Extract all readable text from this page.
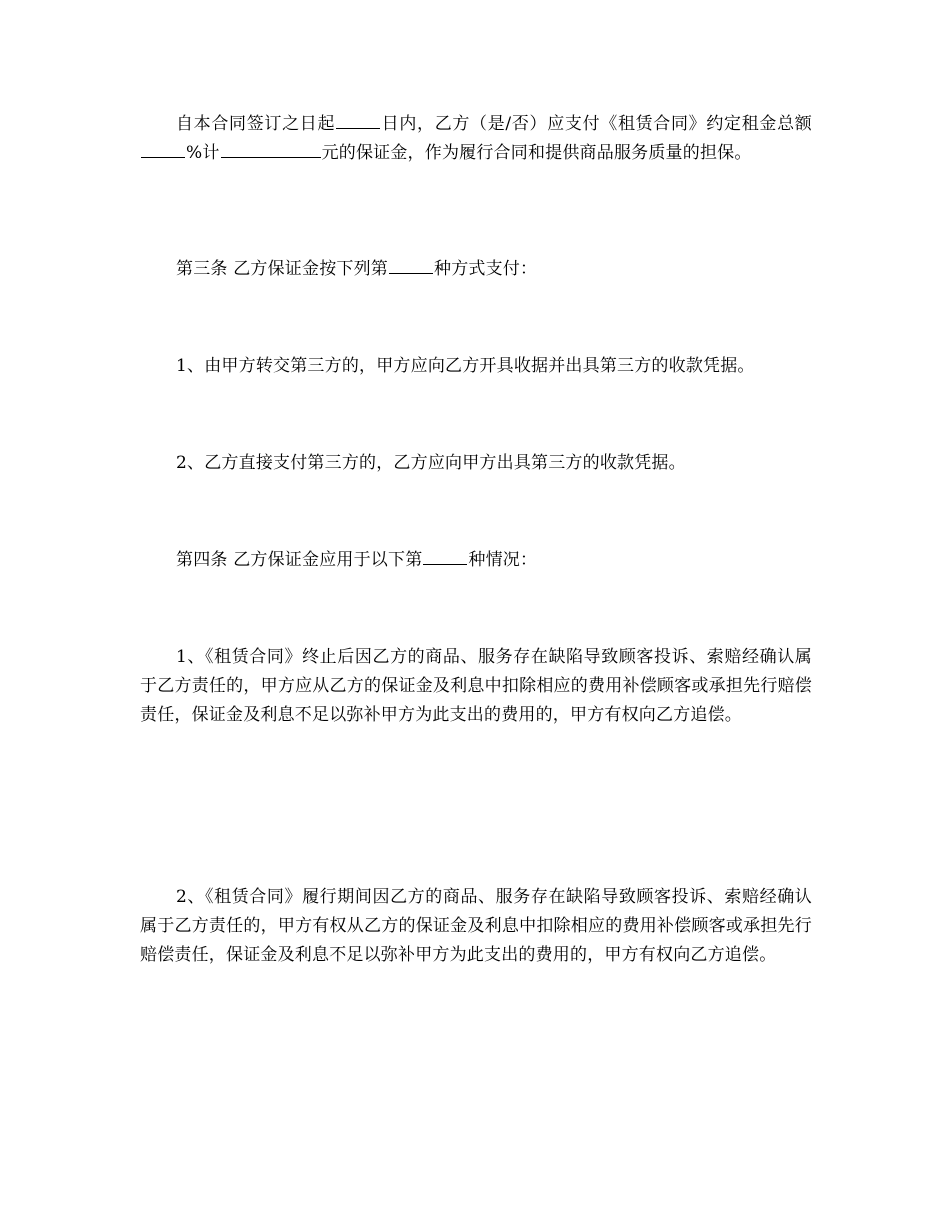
自本合同签订之日起	日内，乙方（是/否）应支付《租赁合同》约定租金总额%计	元的保证金，作为履行合同和提供商品服务质量的担保。

第三条 乙方保证金按下列第	种方式支付：

1、由甲方转交第三方的，甲方应向乙方开具收据并出具第三方的收款凭据。

2、乙方直接支付第三方的，乙方应向甲方出具第三方的收款凭据。

第四条 乙方保证金应用于以下第	种情况：

1、《租赁合同》终止后因乙方的商品、服务存在缺陷导致顾客投诉、索赔经确认属于乙方责任的，甲方应从乙方的保证金及利息中扣除相应的费用补偿顾客或承担先行赔偿责任，保证金及利息不足以弥补甲方为此支出的费用的，甲方有权向乙方追偿。

2、《租赁合同》履行期间因乙方的商品、服务存在缺陷导致顾客投诉、索赔经确认属于乙方责任的，甲方有权从乙方的保证金及利息中扣除相应的费用补偿顾客或承担先行赔偿责任，保证金及利息不足以弥补甲方为此支出的费用的，甲方有权向乙方追偿。
